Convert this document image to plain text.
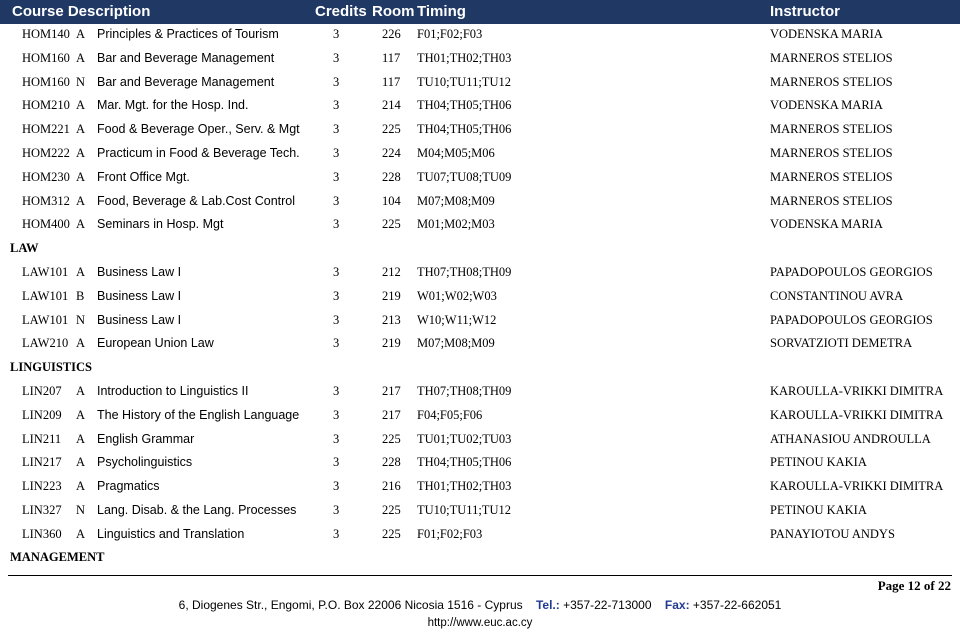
Course Description	Credits Room Timing	Instructor
HOM140 A Principles & Practices of Tourism	3	226 F01;F02;F03	VODENSKA MARIA
HOM160 A Bar and Beverage Management	3	117 TH01;TH02;TH03	MARNEROS STELIOS
HOM160 N Bar and Beverage Management	3	117 TU10;TU11;TU12	MARNEROS STELIOS
HOM210 A Mar. Mgt. for the Hosp. Ind.	3	214 TH04;TH05;TH06	VODENSKA MARIA
HOM221 A Food & Beverage Oper., Serv. & Mgt	3	225 TH04;TH05;TH06	MARNEROS STELIOS
HOM222 A Practicum in Food & Beverage Tech.	3	224 M04;M05;M06	MARNEROS STELIOS
HOM230 A Front Office Mgt.	3	228 TU07;TU08;TU09	MARNEROS STELIOS
HOM312 A Food, Beverage & Lab.Cost Control	3	104 M07;M08;M09	MARNEROS STELIOS
HOM400 A Seminars in Hosp. Mgt	3	225 M01;M02;M03	VODENSKA MARIA
LAW
LAW101 A Business Law I	3	212 TH07;TH08;TH09	PAPADOPOULOS GEORGIOS
LAW101 B Business Law I	3	219 W01;W02;W03	CONSTANTINOU AVRA
LAW101 N Business Law I	3	213 W10;W11;W12	PAPADOPOULOS GEORGIOS
LAW210 A European Union Law	3	219 M07;M08;M09	SORVATZIOTI DEMETRA
LINGUISTICS
LIN207 A Introduction to Linguistics II	3	217 TH07;TH08;TH09	KAROULLA-VRIKKI DIMITRA
LIN209 A The History of the English Language	3	217 F04;F05;F06	KAROULLA-VRIKKI DIMITRA
LIN211 A English Grammar	3	225 TU01;TU02;TU03	ATHANASIOU ANDROULLA
LIN217 A Psycholinguistics	3	228 TH04;TH05;TH06	PETINOU KAKIA
LIN223 A Pragmatics	3	216 TH01;TH02;TH03	KAROULLA-VRIKKI DIMITRA
LIN327 N Lang. Disab. & the Lang. Processes	3	225 TU10;TU11;TU12	PETINOU KAKIA
LIN360 A Linguistics and Translation	3	225 F01;F02;F03	PANAYIOTOU ANDYS
MANAGEMENT
Page 12 of 22
6, Diogenes Str., Engomi, P.O. Box 22006 Nicosia 1516 - Cyprus Tel.: +357-22-713000 Fax: +357-22-662051
http://www.euc.ac.cy
